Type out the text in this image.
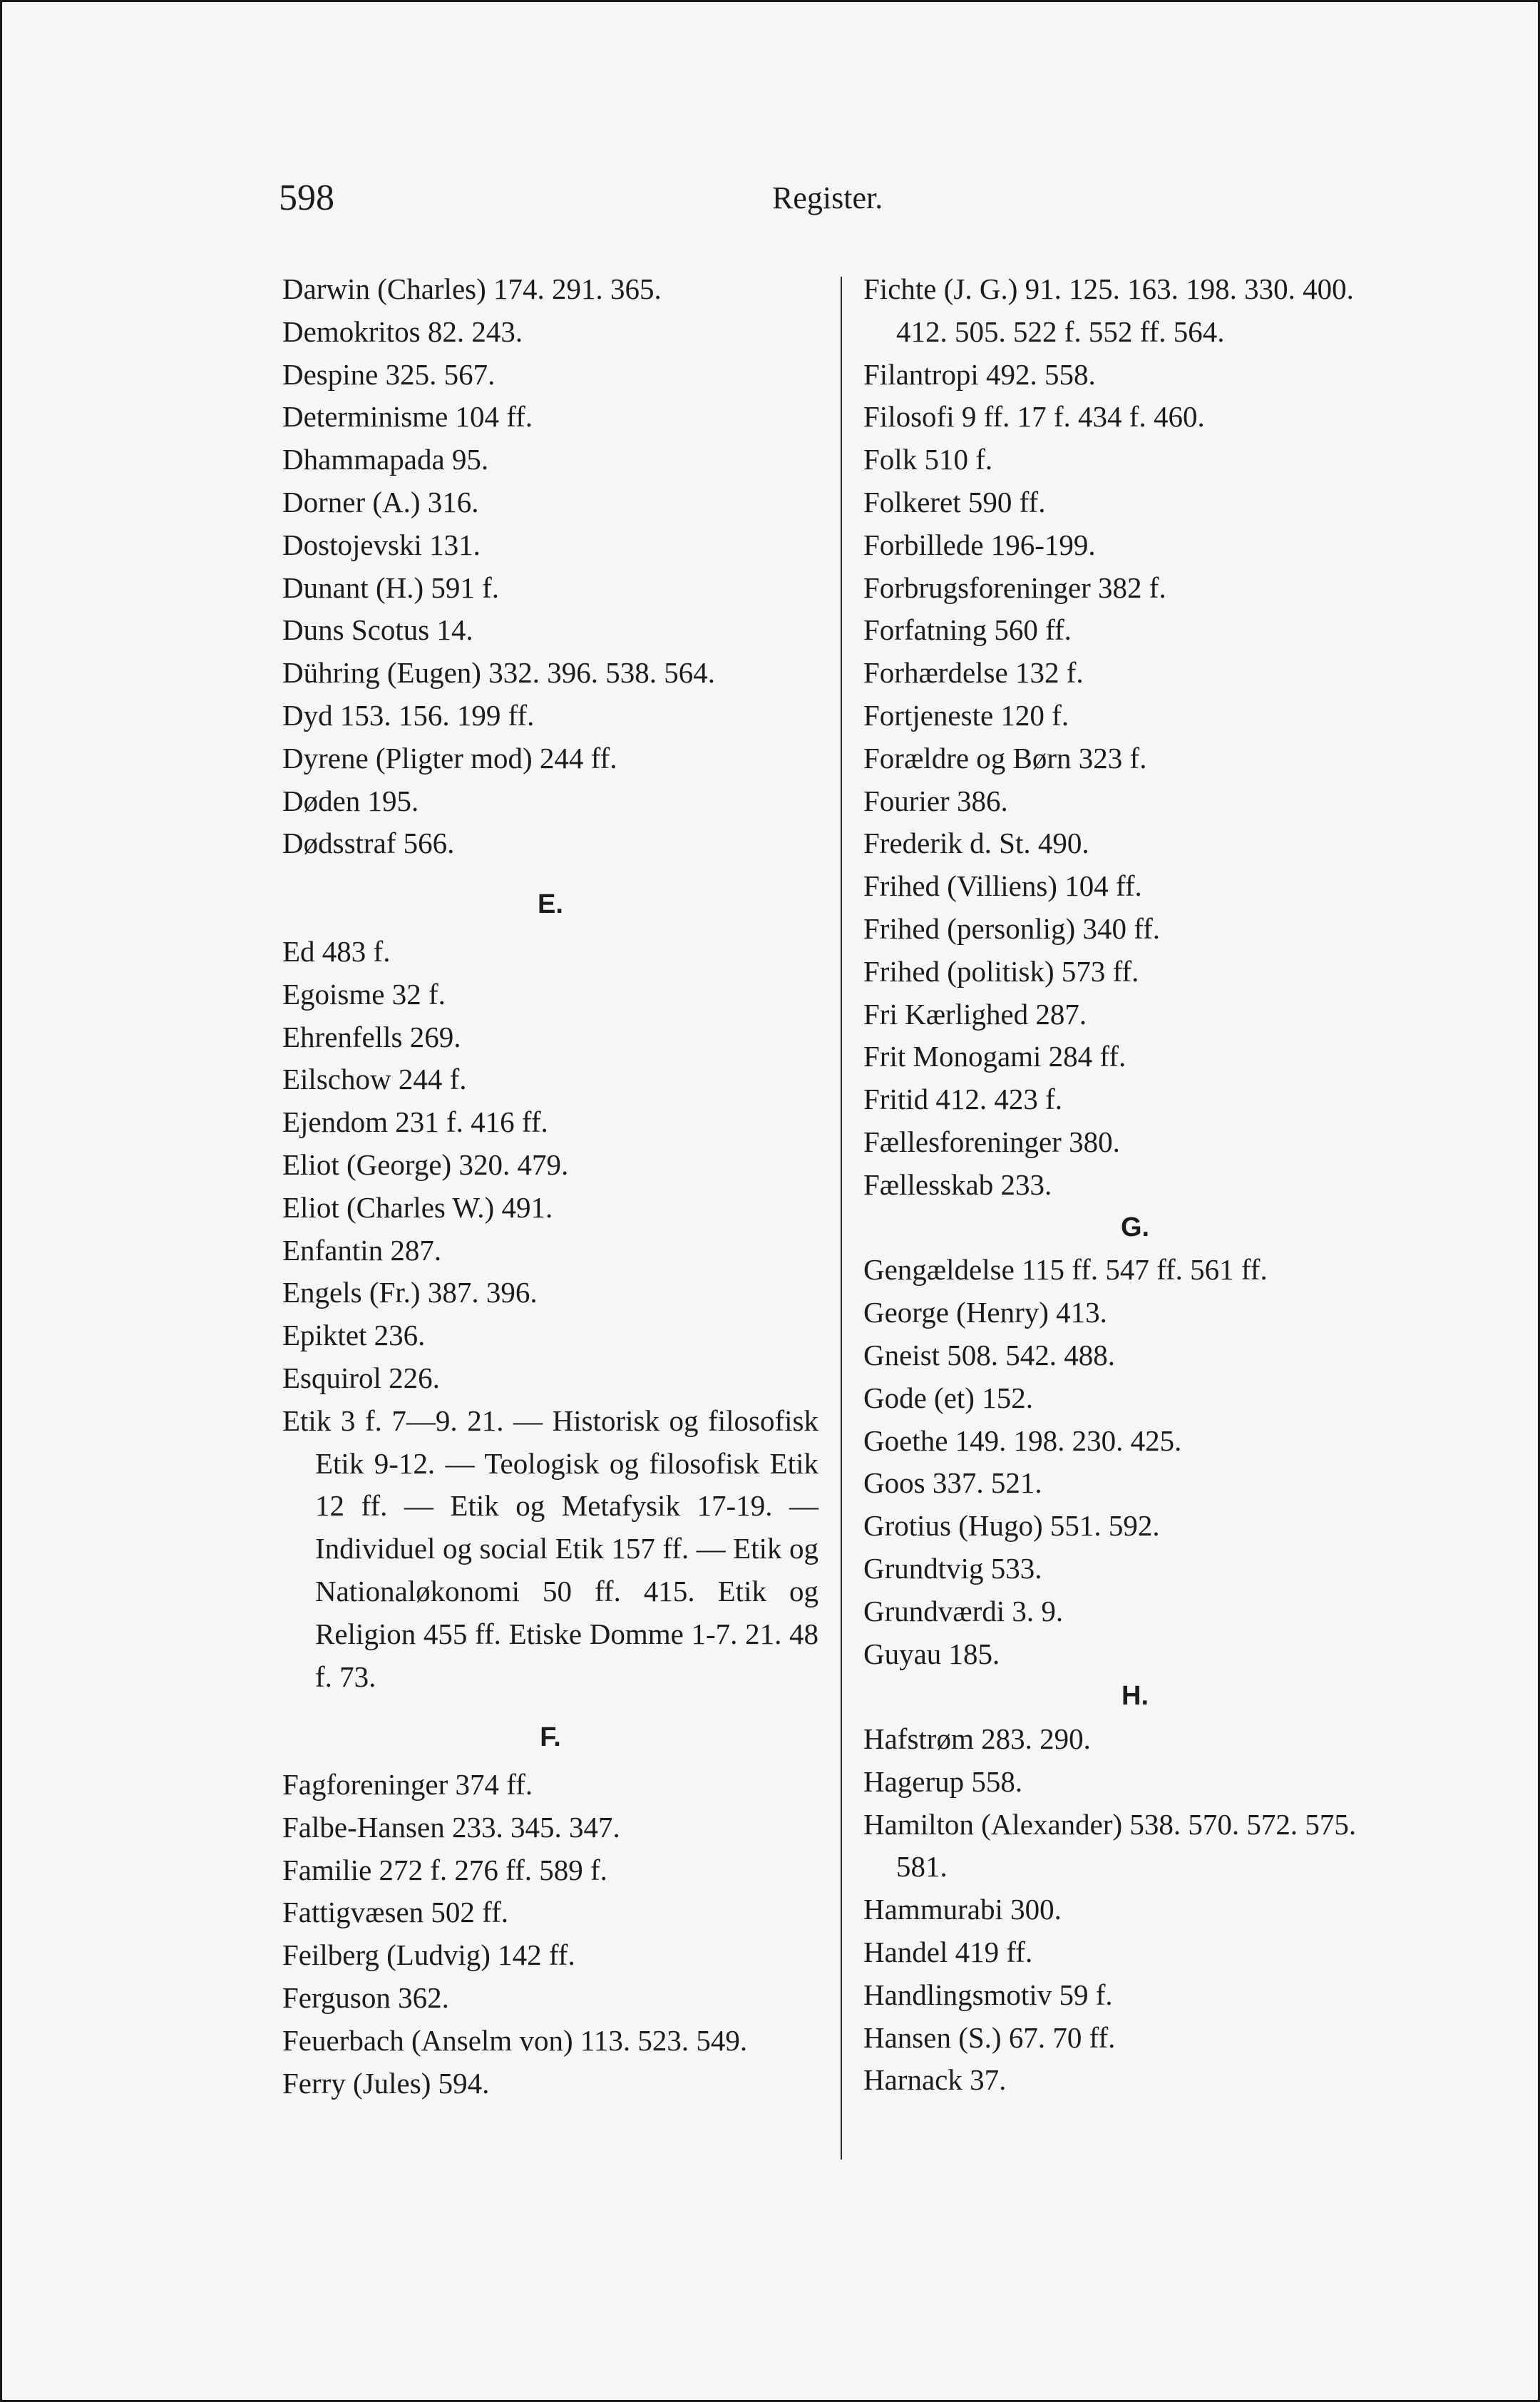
598	Register.
Darwin (Charles) 174. 291. 365.
Demokritos 82. 243.
Despine 325. 567.
Determinisme 104 ff.
Dhammapada 95.
Dorner (A.) 316.
Dostojevski 131.
Dunant (H.) 591 f.
Duns Scotus 14.
Dühring (Eugen) 332. 396. 538. 564.
Dyd 153. 156. 199 ff.
Dyrene (Pligter mod) 244 ff.
Døden 195.
Dødsstraf 566.
E.
Ed 483 f.
Egoisme 32 f.
Ehrenfells 269.
Eilschow 244 f.
Ejendom 231 f. 416 ff.
Eliot (George) 320. 479.
Eliot (Charles W.) 491.
Enfantin 287.
Engels (Fr.) 387. 396.
Epiktet 236.
Esquirol 226.
Etik 3 f. 7—9. 21. — Historisk og filosofisk Etik 9-12. — Teologisk og filosofisk Etik 12 ff. — Etik og Metafysik 17-19. — Individuel og social Etik 157 ff. — Etik og Nationaløkonomi 50 ff. 415. Etik og Religion 455 ff. Etiske Domme 1-7. 21. 48 f. 73.
F.
Fagforeninger 374 ff.
Falbe-Hansen 233. 345. 347.
Familie 272 f. 276 ff. 589 f.
Fattigvæsen 502 ff.
Feilberg (Ludvig) 142 ff.
Ferguson 362.
Feuerbach (Anselm von) 113. 523. 549.
Ferry (Jules) 594.
Fichte (J. G.) 91. 125. 163. 198. 330. 400. 412. 505. 522 f. 552 ff. 564.
Filantropi 492. 558.
Filosofi 9 ff. 17 f. 434 f. 460.
Folk 510 f.
Folkeret 590 ff.
Forbillede 196-199.
Forbrugsforeninger 382 f.
Forfatning 560 ff.
Forhærdelse 132 f.
Fortjeneste 120 f.
Forældre og Børn 323 f.
Fourier 386.
Frederik d. St. 490.
Frihed (Villiens) 104 ff.
Frihed (personlig) 340 ff.
Frihed (politisk) 573 ff.
Fri Kærlighed 287.
Frit Monogami 284 ff.
Fritid 412. 423 f.
Fællesforeninger 380.
Fællesskab 233.
G.
Gengældelse 115 ff. 547 ff. 561 ff.
George (Henry) 413.
Gneist 508. 542. 488.
Gode (et) 152.
Goethe 149. 198. 230. 425.
Goos 337. 521.
Grotius (Hugo) 551. 592.
Grundtvig 533.
Grundværdi 3. 9.
Guyau 185.
H.
Hafstrøm 283. 290.
Hagerup 558.
Hamilton (Alexander) 538. 570. 572. 575. 581.
Hammurabi 300.
Handel 419 ff.
Handlingsmotiv 59 f.
Hansen (S.) 67. 70 ff.
Harnack 37.
